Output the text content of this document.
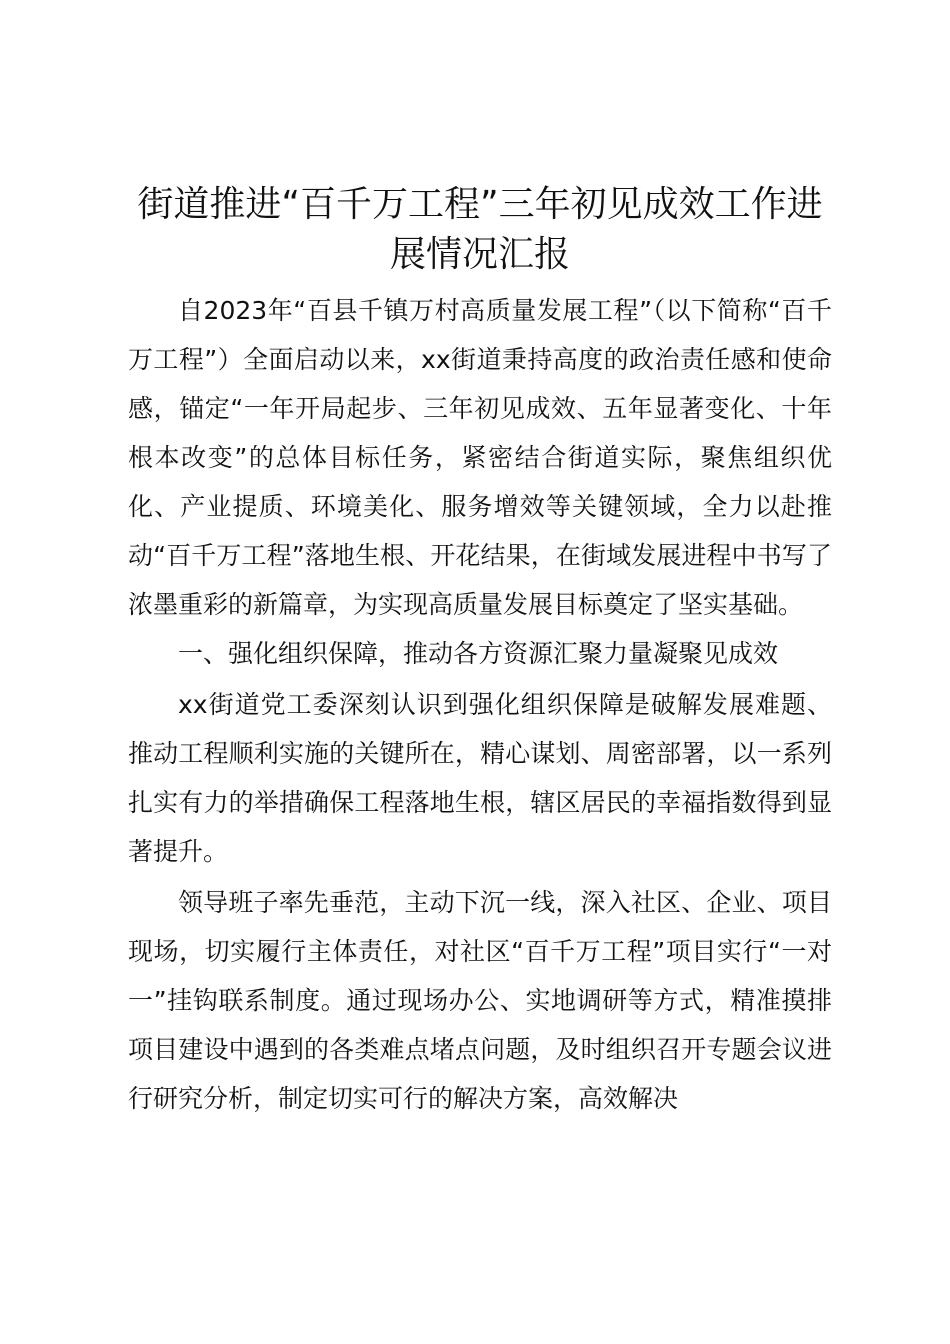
街道推进“百千万工程”三年初见成效工作进展情况汇报

自2023年“百县千镇万村高质量发展工程”（以下简称“百千万工程”）全面启动以来，xx街道秉持高度的政治责任感和使命感，锚定“一年开局起步、三年初见成效、五年显著变化、十年根本改变”的总体目标任务，紧密结合街道实际，聚焦组织优化、产业提质、环境美化、服务增效等关键领域，全力以赴推动“百千万工程”落地生根、开花结果，在街域发展进程中书写了浓墨重彩的新篇章，为实现高质量发展目标奠定了坚实基础。

一、强化组织保障，推动各方资源汇聚力量凝聚见成效

xx街道党工委深刻认识到强化组织保障是破解发展难题、推动工程顺利实施的关键所在，精心谋划、周密部署，以一系列扎实有力的举措确保工程落地生根，辖区居民的幸福指数得到显著提升。

领导班子率先垂范，主动下沉一线，深入社区、企业、项目现场，切实履行主体责任，对社区“百千万工程”项目实行“一对一”挂钩联系制度。通过现场办公、实地调研等方式，精准摸排项目建设中遇到的各类难点堵点问题，及时组织召开专题会议进行研究分析，制定切实可行的解决方案，高效解决
